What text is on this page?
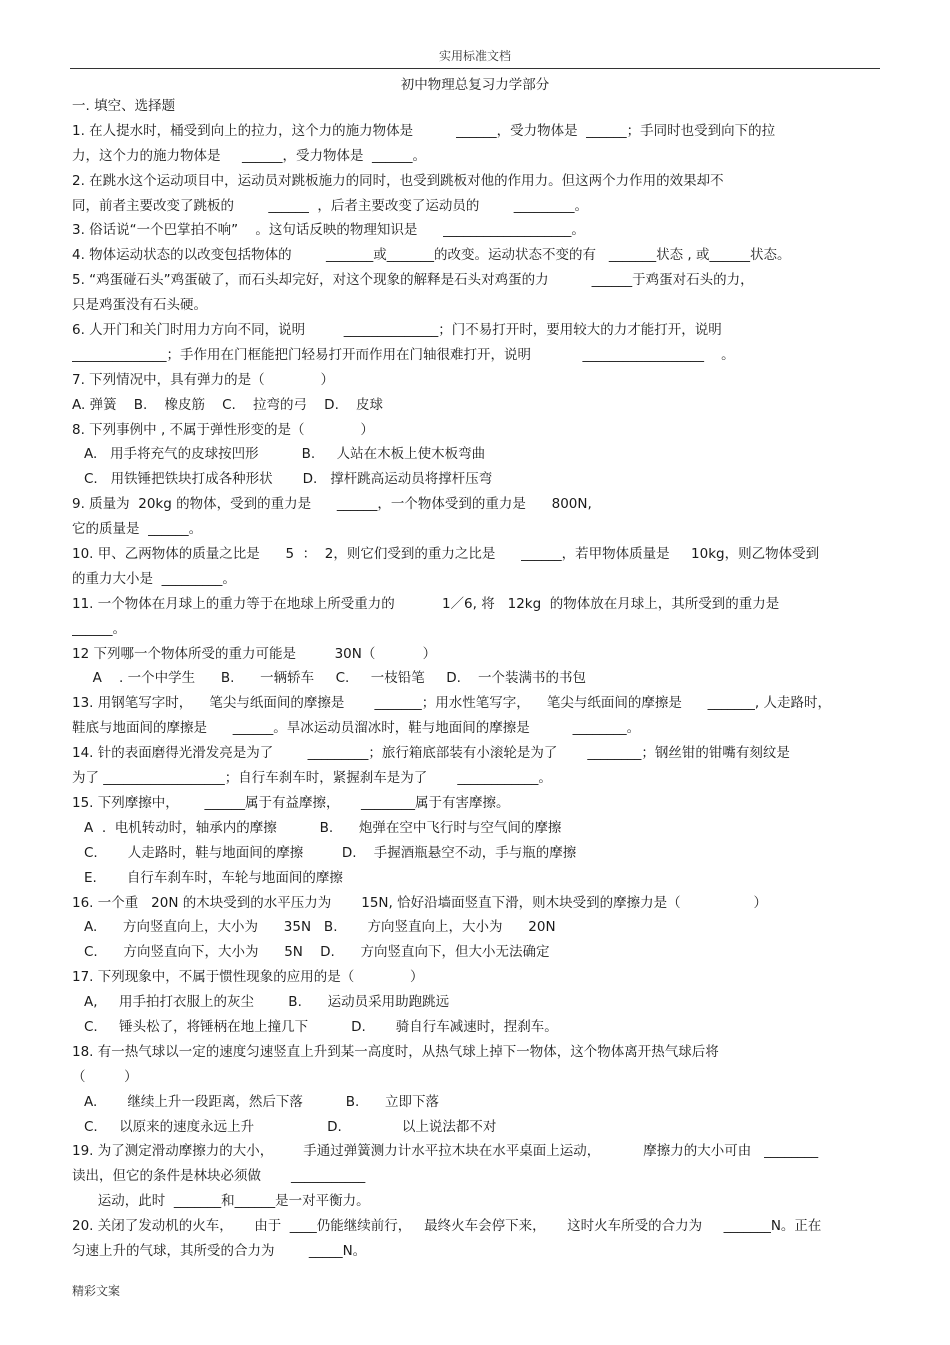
实用标准文档
初中物理总复习力学部分
一. 填空、选择题
1. 在人提水时，桶受到向上的拉力，这个力的施力物体是          ______，受力物体是  ______；手同时也受到向下的拉
力，这个力的施力物体是     ______，受力物体是  ______。
2. 在跳水这个运动项目中，运动员对跳板施力的同时，也受到跳板对他的作用力。但这两个力作用的效果却不
同，前者主要改变了跳板的        ______  ，后者主要改变了运动员的        _________。
3. 俗话说“一个巴掌拍不响”    。这句话反映的物理知识是      ___________________。
4. 物体运动状态的以改变包括物体的        _______或_______的改变。运动状态不变的有   _______状态 , 或______状态。
5. “鸡蛋碰石头”鸡蛋破了，而石头却完好，对这个现象的解释是石头对鸡蛋的力          ______于鸡蛋对石头的力，
只是鸡蛋没有石头硬。
6. 人开门和关门时用力方向不同，说明         ______________；门不易打开时，要用较大的力才能打开，说明
______________；手作用在门框能把门轻易打开而作用在门轴很难打开，说明            __________________    。
7. 下列情况中，具有弹力的是（             ）
A. 弹簧    B.    橡皮筋    C.    拉弯的弓    D.    皮球
8. 下列事例中 , 不属于弹性形变的是（             ）
A.   用手将充气的皮球按凹形          B.     人站在木板上使木板弯曲
C.   用铁锤把铁块打成各种形状       D.   撑杆跳高运动员将撑杆压弯
9. 质量为  20kg 的物体，受到的重力是      ______，一个物体受到的重力是      800N,
它的质量是  ______。
10. 甲、乙两物体的质量之比是      5  ：  2，则它们受到的重力之比是      ______，若甲物体质量是     10kg，则乙物体受到
的重力大小是  _________。
11. 一个物体在月球上的重力等于在地球上所受重力的           1／6, 将   12kg  的物体放在月球上，其所受到的重力是
______。
12 下列哪一个物体所受的重力可能是         30N（           ）
A    . 一个中学生      B.      一辆轿车     C.     一枝铅笔     D.    一个装满书的书包
13. 用钢笔写字时，    笔尖与纸面间的摩擦是       _______；用水性笔写字，    笔尖与纸面间的摩擦是      _______, 人走路时，
鞋底与地面间的摩擦是      ______。旱冰运动员溜冰时，鞋与地面间的摩擦是          ________。
14. 针的表面磨得光滑发亮是为了        _________；旅行箱底部装有小滚轮是为了       ________；钢丝钳的钳嘴有刻纹是
为了 __________________；自行车刹车时，紧握刹车是为了       ____________。
15. 下列摩擦中，      ______属于有益摩擦，     ________属于有害摩擦。
A  .  电机转动时，轴承内的摩擦          B.      炮弹在空中飞行时与空气间的摩擦
C.       人走路时，鞋与地面间的摩擦         D.    手握酒瓶悬空不动，手与瓶的摩擦
E.       自行车刹车时，车轮与地面间的摩擦
16. 一个重   20N 的木块受到的水平压力为       15N, 恰好沿墙面竖直下滑，则木块受到的摩擦力是（                 ）
A.      方向竖直向上，大小为      35N   B.       方向竖直向上，大小为      20N
C.      方向竖直向下，大小为      5N    D.      方向竖直向下，但大小无法确定
17. 下列现象中，不属于惯性现象的应用的是（             ）
A,     用手拍打衣服上的灰尘        B.      运动员采用助跑跳远
C.     锤头松了，将锤柄在地上撞几下          D.       骑自行车减速时，捏刹车。
18. 有一热气球以一定的速度匀速竖直上升到某一高度时，从热气球上掉下一物体，这个物体离开热气球后将
（         ）
A.       继续上升一段距离，然后下落          B.      立即下落
C.     以原来的速度永远上升                 D.              以上说法都不对
19. 为了测定滑动摩擦力的大小，       手通过弹簧测力计水平拉木块在水平桌面上运动，          摩擦力的大小可由   ________
读出，但它的条件是林块必须做       ___________
运动，此时  _______和______是一对平衡力。
20. 关闭了发动机的火车，     由于  ____仍能继续前行，   最终火车会停下来，     这时火车所受的合力为     _______N。正在
匀速上升的气球，其所受的合力为        _____N。
精彩文案
